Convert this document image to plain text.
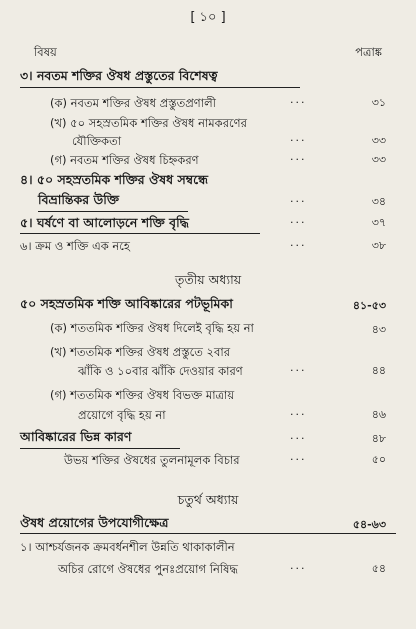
[ ১০ ]
বিষয়	পত্রাঙ্ক
৩। নবতম শক্তির ঔষধ প্রস্তুতের বিশেষত্ব
(ক) নবতম শক্তির ঔষধ প্রস্তুতপ্রণালী	···	৩১
(খ) ৫০ সহস্রতমিক শক্তির ঔষধ নামকরণের
যৌক্তিকতা	···	৩৩
(গ) নবতম শক্তির ঔষধ চিহ্নকরণ	···	৩৩
৪। ৫০ সহস্রতমিক শক্তির ঔষধ সম্বন্ধে
বিভ্রান্তিকর উক্তি	···	৩৪
৫। ঘর্ষণে বা আলোড়নে শক্তি বৃদ্ধি	···	৩৭
৬। ক্রম ও শক্তি এক নহে	···	৩৮
তৃতীয় অধ্যায়
৫০ সহস্রতমিক শক্তি আবিষ্কারের পটভূমিকা	৪১-৫৩
(ক) শততমিক শক্তির ঔষধ দিলেই বৃদ্ধি হয় না	৪৩
(খ) শততমিক শক্তির ঔষধ প্রস্তুতে ২বার
ঝাঁকি ও ১০বার ঝাঁকি দেওয়ার কারণ	···	৪৪
(গ) শততমিক শক্তির ঔষধ বিভক্ত মাত্রায়
প্রয়োগে বৃদ্ধি হয় না	···	৪৬
আবিষ্কারের ভিন্ন কারণ	···	৪৮
উভয় শক্তির ঔষধের তুলনামূলক বিচার	···	৫০
চতুর্থ অধ্যায়
ঔষধ প্রয়োগের উপযোগীক্ষেত্র	৫৪-৬৩
১। আশ্চর্যজনক ক্রমবর্ধনশীল উন্নতি থাকাকালীন
অচির রোগে ঔষধের পুনঃপ্রয়োগ নিষিদ্ধ	···	৫৪
